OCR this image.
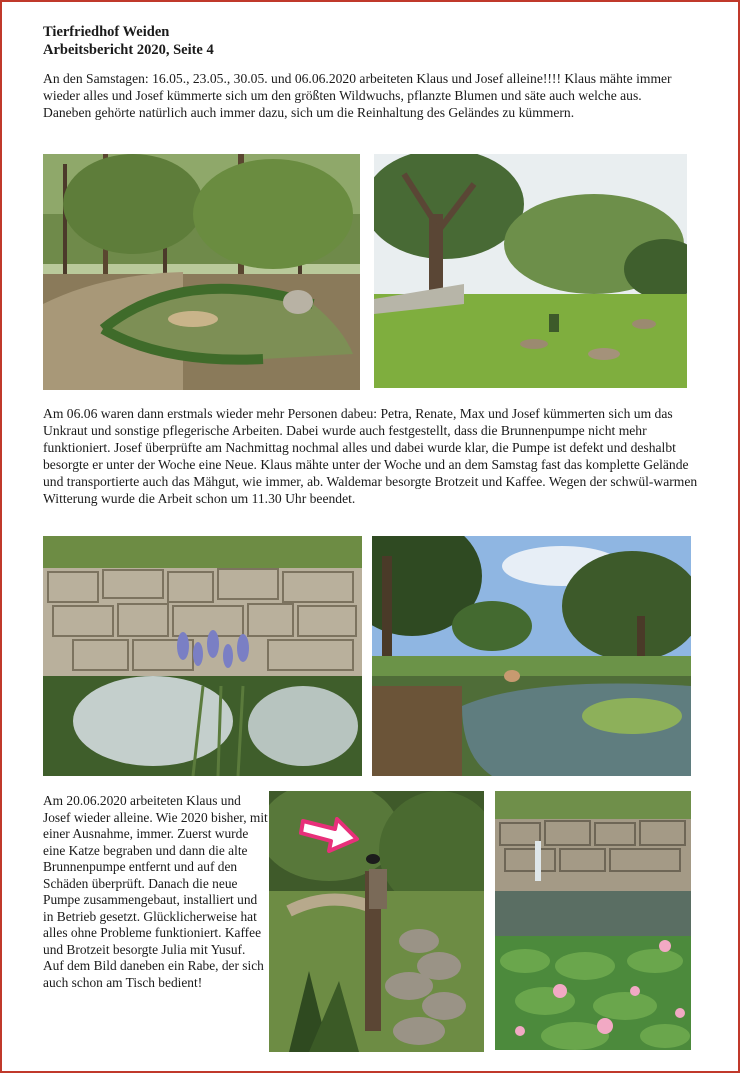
Tierfriedhof Weiden
Arbeitsbericht 2020, Seite 4

An den Samstagen: 16.05., 23.05., 30.05. und 06.06.2020 arbeiteten Klaus und Josef alleine!!!! Klaus mähte immer wieder alles und Josef kümmerte sich um den größten Wildwuchs, pflanzte Blumen und säte auch welche aus. Daneben gehörte natürlich auch immer dazu, sich um die Reinhaltung des Geländes zu kümmern.

Am 06.06 waren dann erstmals wieder mehr Personen dabeu: Petra, Renate, Max und Josef kümmerten sich um das Unkraut und sonstige pflegerische Arbeiten. Dabei wurde auch festgestellt, dass die Brunnenpumpe nicht mehr funktioniert. Josef überprüfte am Nachmittag nochmal alles und dabei wurde klar, die Pumpe ist defekt und deshalbt besorgte er unter der Woche eine Neue. Klaus mähte unter der Woche und an dem Samstag fast das komplette Gelände und transportierte auch das Mähgut, wie immer, ab. Waldemar besorgte Brotzeit und Kaffee. Wegen der schwül-warmen Witterung wurde die Arbeit schon um 11.30 Uhr beendet.

Am 20.06.2020 arbeiteten Klaus und Josef wieder alleine. Wie 2020 bisher, mit einer Ausnahme, immer. Zuerst wurde eine Katze begraben und dann die alte Brunnenpumpe entfernt und auf den Schäden überprüft. Danach die neue Pumpe zusammengebaut, installiert und in Betrieb gesetzt. Glücklicherweise hat alles ohne Probleme funktioniert. Kaffee und Brotzeit besorgte Julia mit Yusuf. Auf dem Bild daneben ein Rabe, der sich auch schon am Tisch bedient!
